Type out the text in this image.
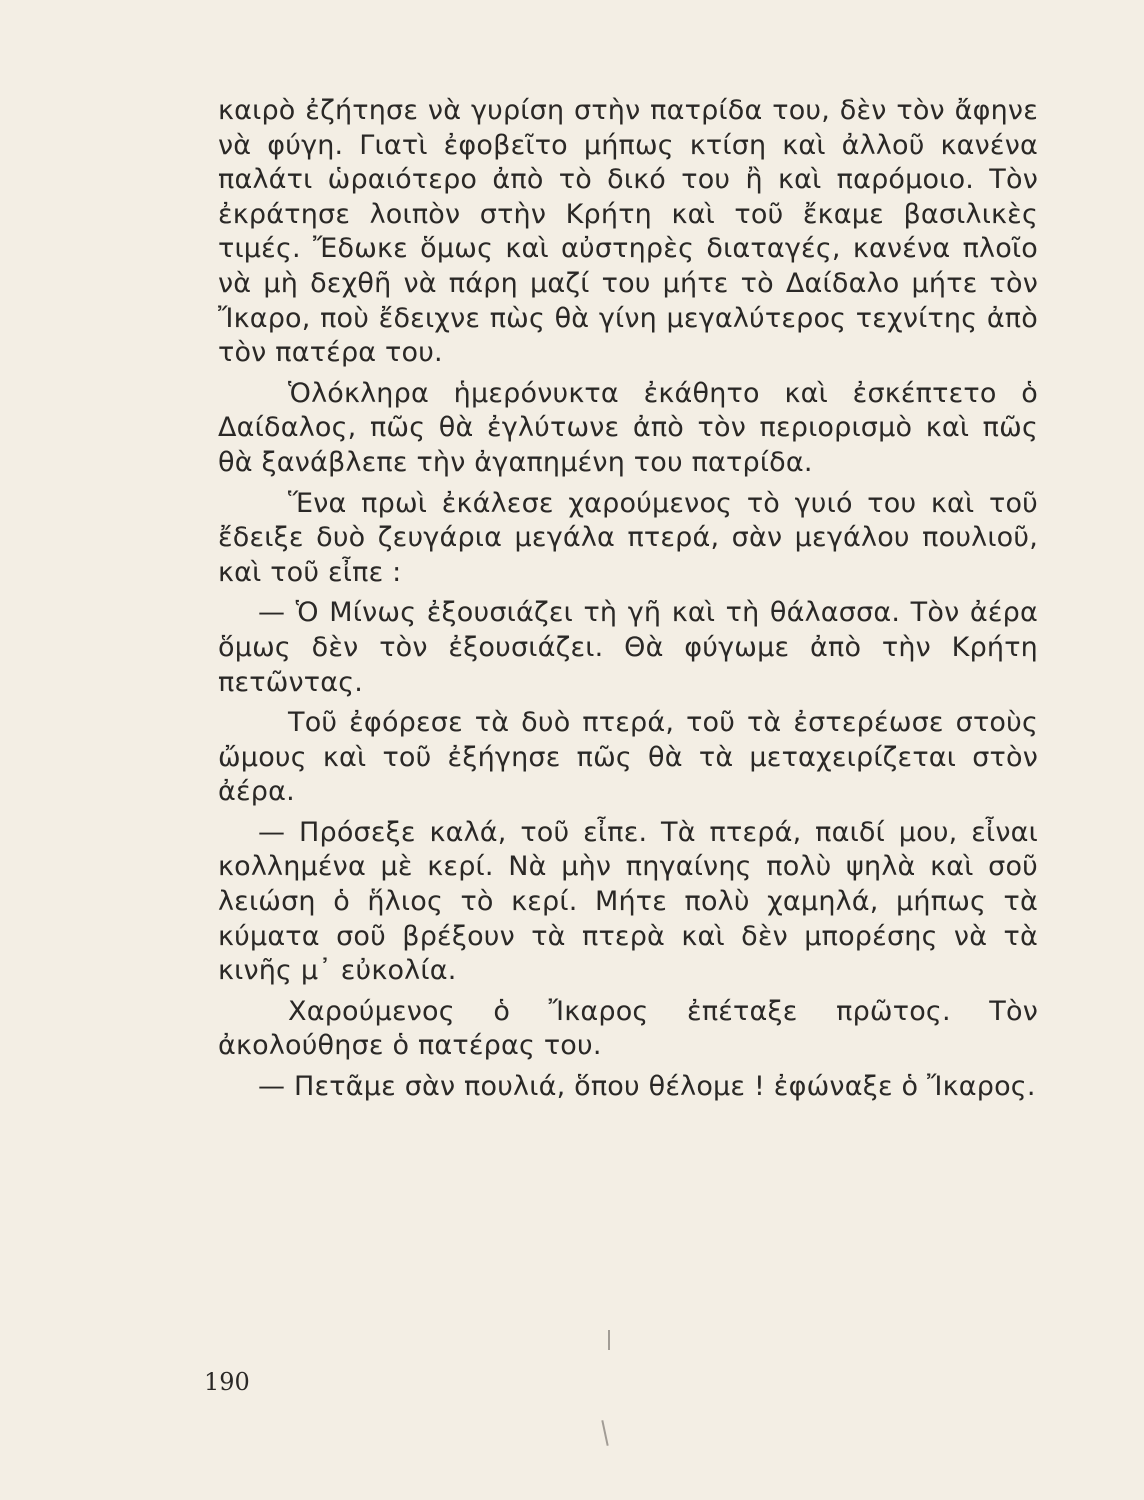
καιρὸ ἐζήτησε νὰ γυρίση στὴν πατρίδα του, δὲν τὸν ἄφηνε νὰ φύγη. Γιατὶ ἐφοβεῖτο μήπως κτίση καὶ ἀλλοῦ κανένα παλάτι ὡραιότερο ἀπὸ τὸ δικό του ἢ καὶ παρόμοιο. Τὸν ἐκράτησε λοιπὸν στὴν Κρήτη καὶ τοῦ ἔκαμε βασιλικὲς τιμές. Ἔδωκε ὅμως καὶ αὐστηρὲς διαταγές, κανένα πλοῖο νὰ μὴ δεχθῆ νὰ πάρη μαζί του μήτε τὸ Δαίδαλο μήτε τὸν Ἴκαρο, ποὺ ἔδειχνε πὼς θὰ γίνη μεγαλύτερος τεχνίτης ἀπὸ τὸν πατέρα του.

Ὁλόκληρα ἡμερόνυκτα ἐκάθητο καὶ ἐσκέπτετο ὁ Δαίδαλος, πῶς θὰ ἐγλύτωνε ἀπὸ τὸν περιορισμὸ καὶ πῶς θὰ ξανάβλεπε τὴν ἀγαπημένη του πατρίδα.

Ἕνα πρωὶ ἐκάλεσε χαρούμενος τὸ γυιό του καὶ τοῦ ἔδειξε δυὸ ζευγάρια μεγάλα πτερά, σὰν μεγάλου πουλιοῦ, καὶ τοῦ εἶπε :

— Ὁ Μίνως ἐξουσιάζει τὴ γῆ καὶ τὴ θάλασσα. Τὸν ἀέρα ὅμως δὲν τὸν ἐξουσιάζει. Θὰ φύγωμε ἀπὸ τὴν Κρήτη πετῶντας.

Τοῦ ἐφόρεσε τὰ δυὸ πτερά, τοῦ τὰ ἐστερέωσε στοὺς ὤμους καὶ τοῦ ἐξήγησε πῶς θὰ τὰ μεταχειρίζεται στὸν ἀέρα.

— Πρόσεξε καλά, τοῦ εἶπε. Τὰ πτερά, παιδί μου, εἶναι κολλημένα μὲ κερί. Νὰ μὴν πηγαίνης πολὺ ψηλὰ καὶ σοῦ λειώση ὁ ἥλιος τὸ κερί. Μήτε πολὺ χαμηλά, μήπως τὰ κύματα σοῦ βρέξουν τὰ πτερὰ καὶ δὲν μπορέσης νὰ τὰ κινῆς μ᾽ εὐκολία.

Χαρούμενος ὁ Ἴκαρος ἐπέταξε πρῶτος. Τὸν ἀκολούθησε ὁ πατέρας του.

— Πετᾶμε σὰν πουλιά, ὅπου θέλομε ! ἐφώναξε ὁ Ἴκαρος.

190
